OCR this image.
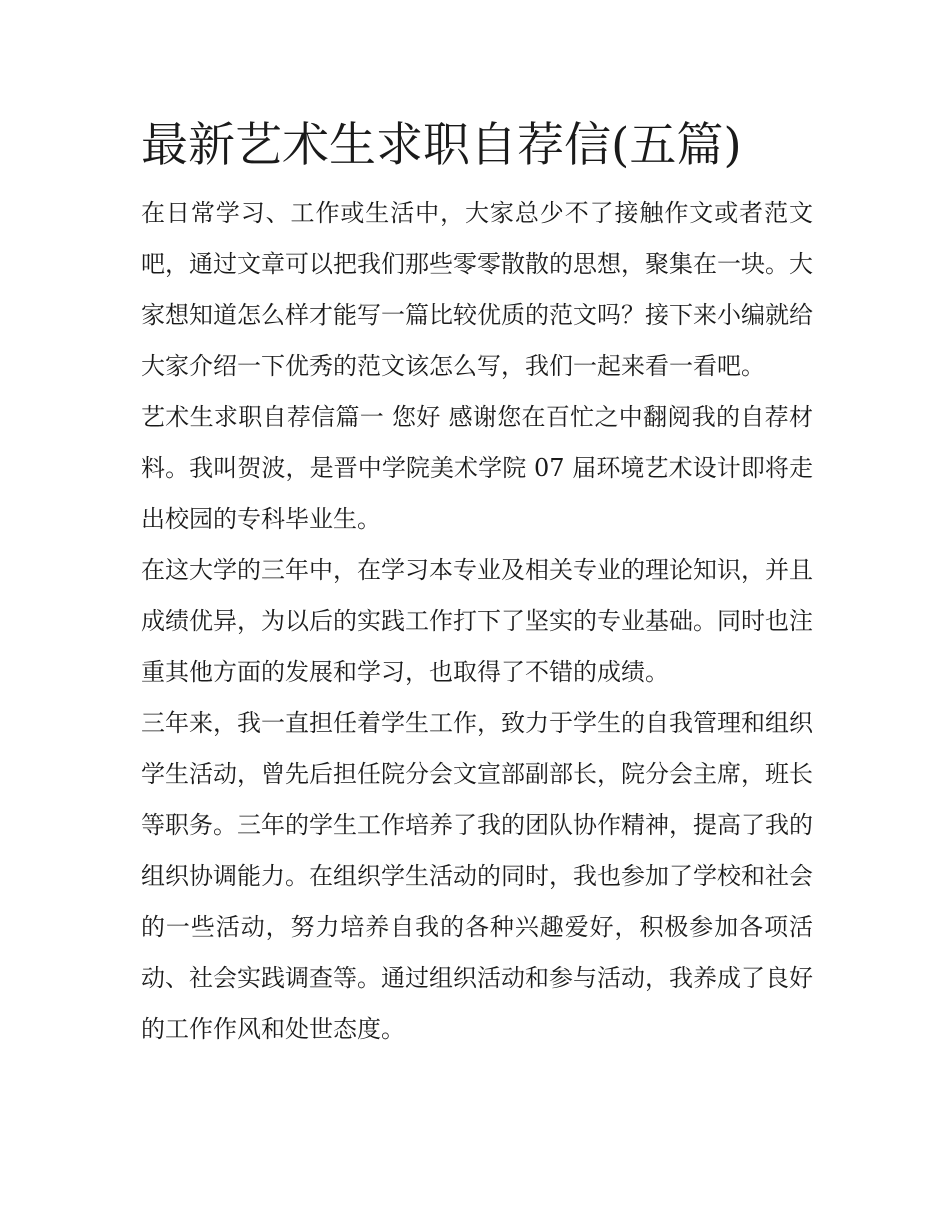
最新艺术生求职自荐信(五篇)

在日常学习、工作或生活中，大家总少不了接触作文或者范文吧，通过文章可以把我们那些零零散散的思想，聚集在一块。大家想知道怎么样才能写一篇比较优质的范文吗？接下来小编就给大家介绍一下优秀的范文该怎么写，我们一起来看一看吧。

艺术生求职自荐信篇一 您好 感谢您在百忙之中翻阅我的自荐材料。我叫贺波，是晋中学院美术学院 07 届环境艺术设计即将走出校园的专科毕业生。

在这大学的三年中，在学习本专业及相关专业的理论知识，并且成绩优异，为以后的实践工作打下了坚实的专业基础。同时也注重其他方面的发展和学习，也取得了不错的成绩。

三年来，我一直担任着学生工作，致力于学生的自我管理和组织学生活动，曾先后担任院分会文宣部副部长，院分会主席，班长等职务。三年的学生工作培养了我的团队协作精神，提高了我的组织协调能力。在组织学生活动的同时，我也参加了学校和社会的一些活动，努力培养自我的各种兴趣爱好，积极参加各项活动、社会实践调查等。通过组织活动和参与活动，我养成了良好的工作作风和处世态度。
